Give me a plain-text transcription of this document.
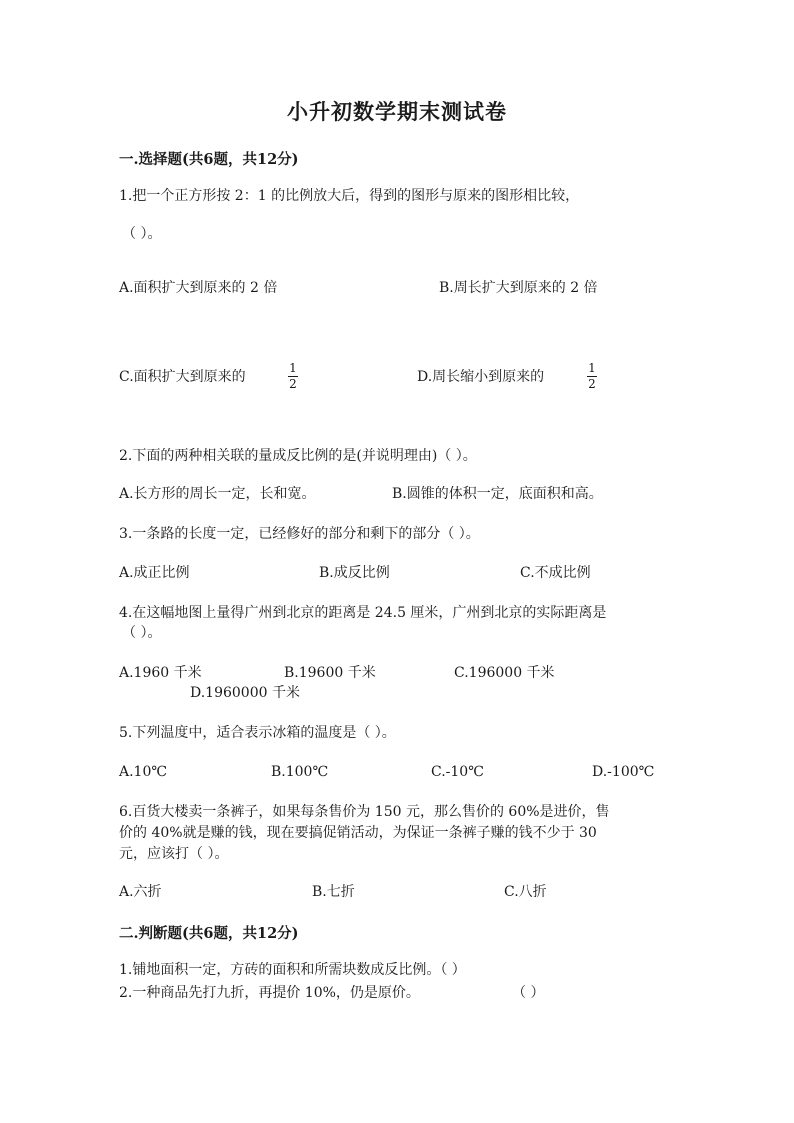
小升初数学期末测试卷
一.选择题(共6题，共12分)
1.把一个正方形按 2：1 的比例放大后，得到的图形与原来的图形相比较，
（ ）。
A.面积扩大到原来的 2 倍	B.周长扩大到原来的 2 倍
C.面积扩大到原来的
1
2	D.周长缩小到原来的
1
2
2.下面的两种相关联的量成反比例的是(并说明理由)（ ）。
A.长方形的周长一定，长和宽。	B.圆锥的体积一定，底面积和高。
3.一条路的长度一定，已经修好的部分和剩下的部分（ ）。
A.成正比例	B.成反比例	C.不成比例
4.在这幅地图上量得广州到北京的距离是 24.5 厘米，广州到北京的实际距离是
（ ）。
A.1960 千米	B.19600 千米	C.196000 千米
D.1960000 千米
5.下列温度中，适合表示冰箱的温度是（ ）。
A.10℃	B.100℃	C.-10℃	D.-100℃
6.百货大楼卖一条裤子，如果每条售价为 150 元，那么售价的 60%是进价，售
价的 40%就是赚的钱，现在要搞促销活动，为保证一条裤子赚的钱不少于 30
元，应该打（ ）。
A.六折	B.七折	C.八折
二.判断题(共6题，共12分)
1.铺地面积一定，方砖的面积和所需块数成反比例。（ ）
2.一种商品先打九折，再提价 10%，仍是原价。	（ ）
